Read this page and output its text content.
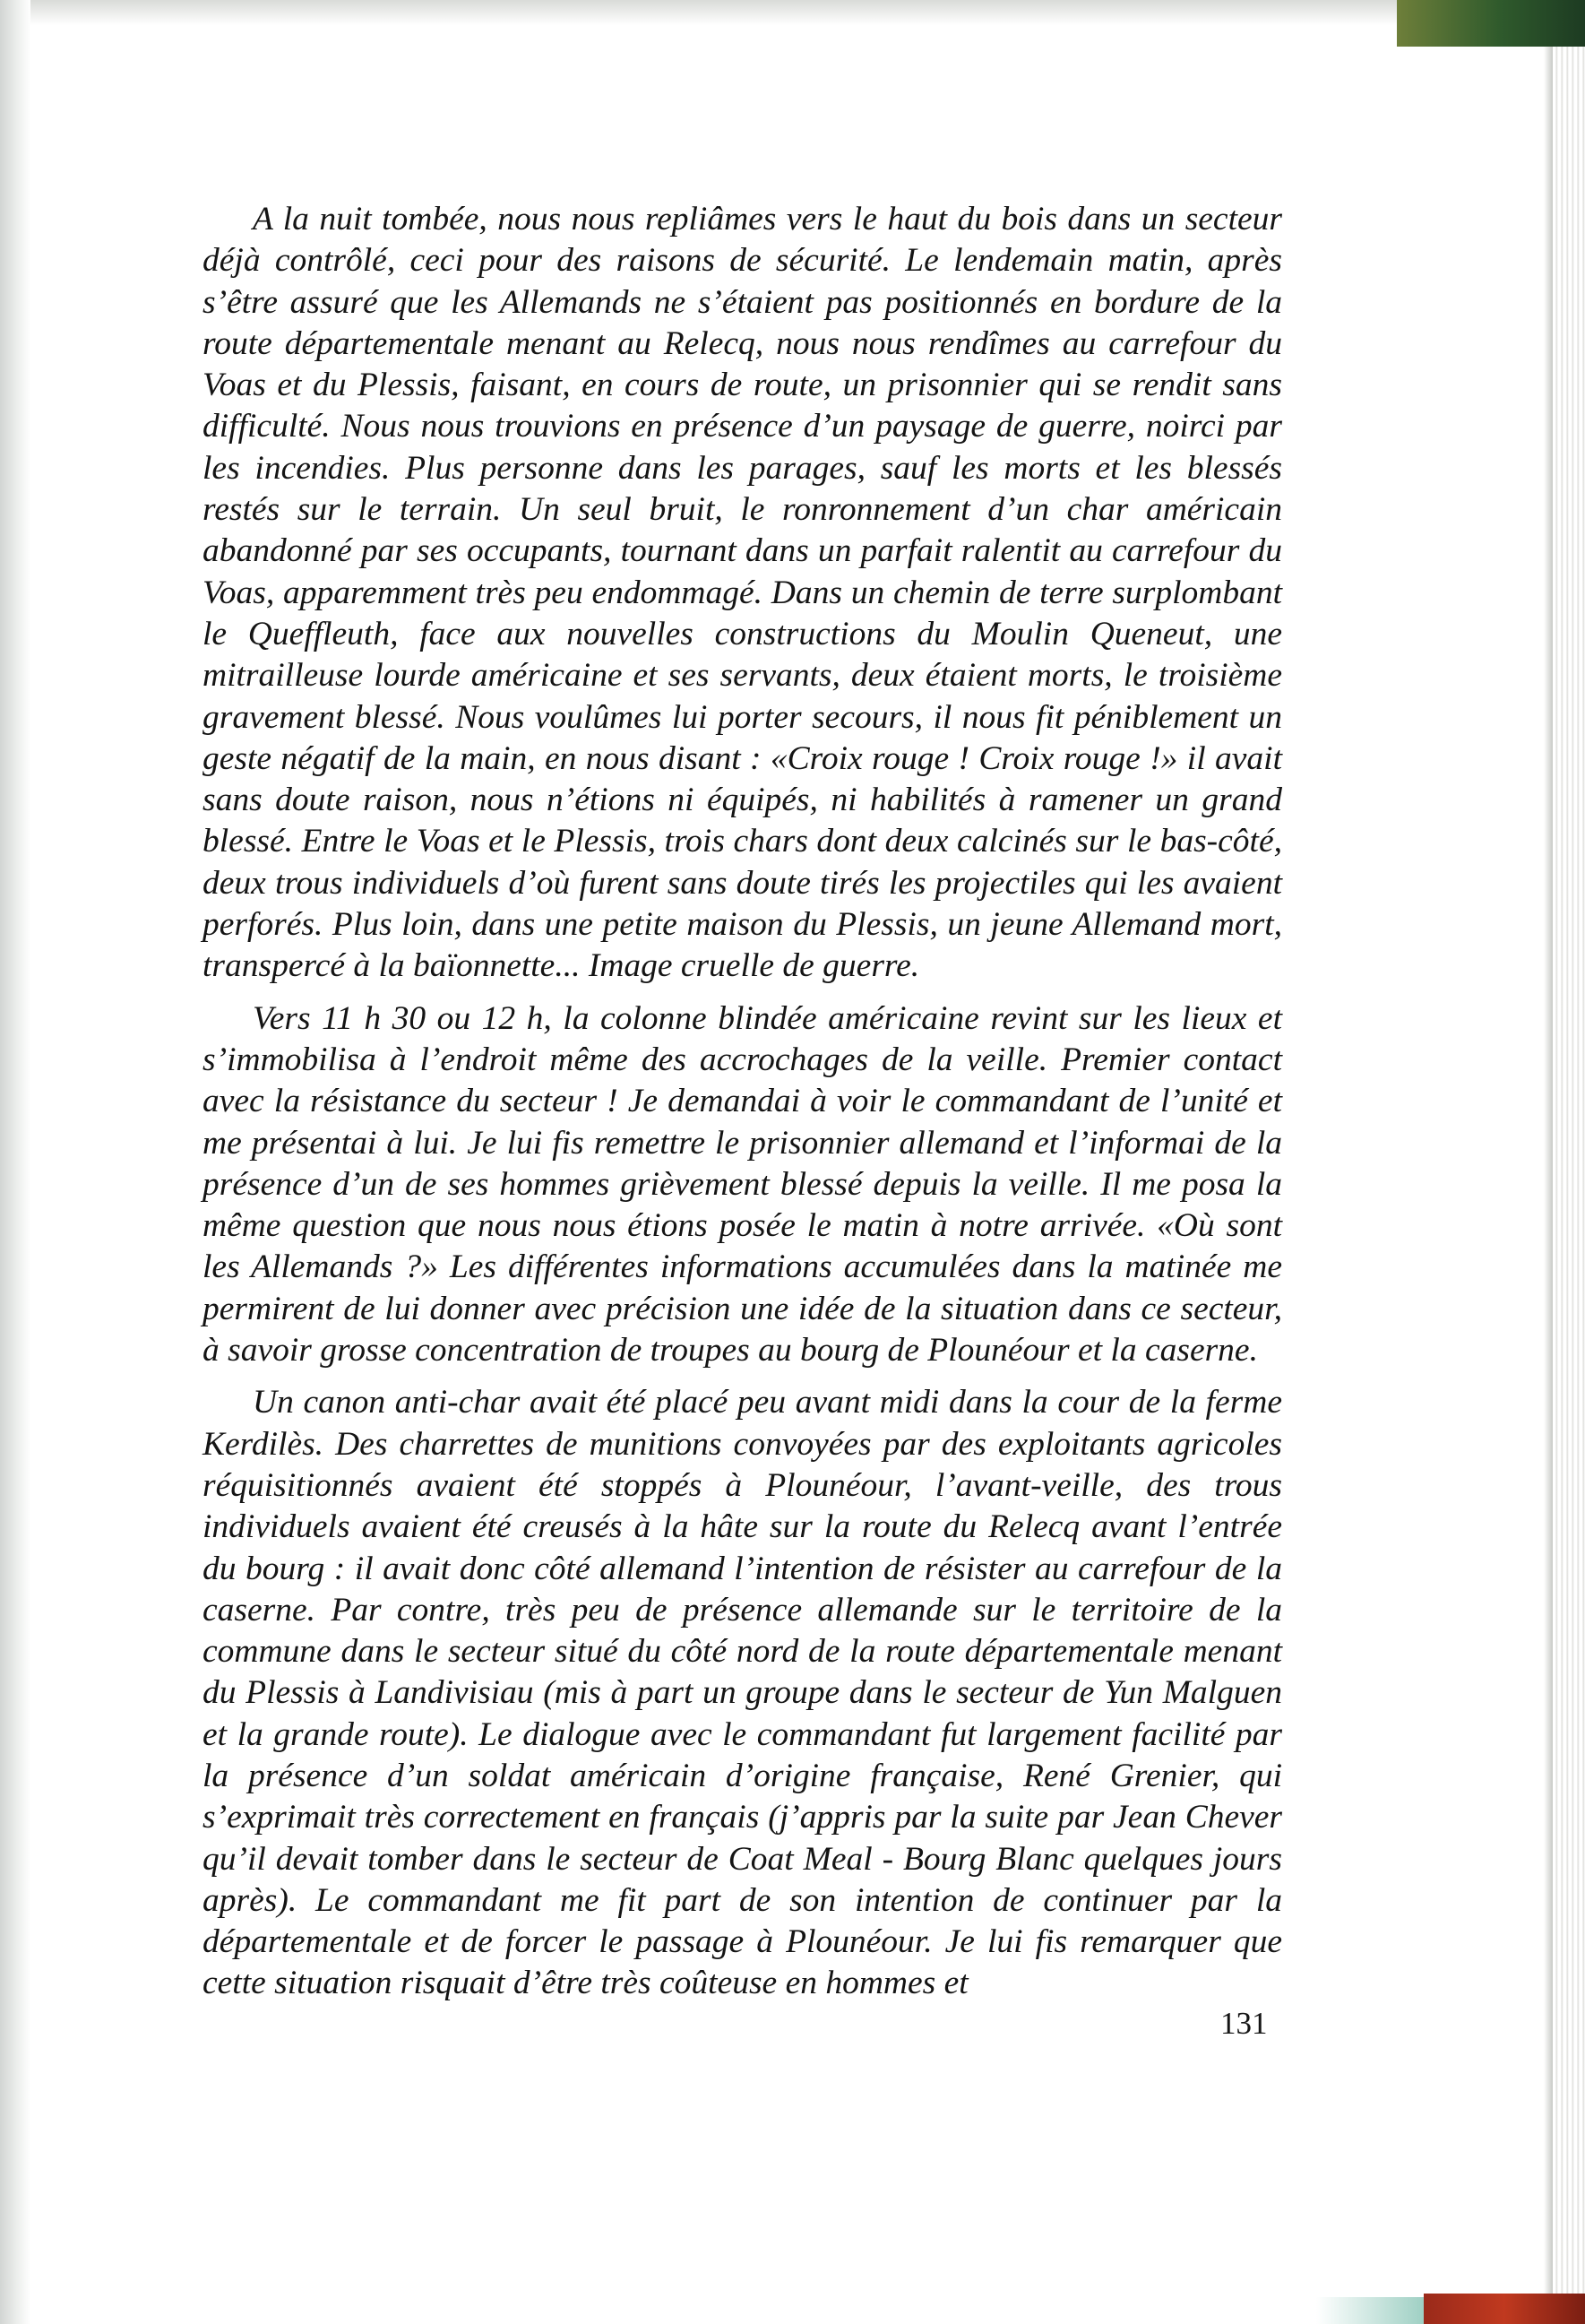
A la nuit tombée, nous nous repliâmes vers le haut du bois dans un secteur déjà contrôlé, ceci pour des raisons de sécurité. Le lendemain matin, après s’être assuré que les Allemands ne s’étaient pas positionnés en bordure de la route départementale menant au Relecq, nous nous rendîmes au carrefour du Voas et du Plessis, faisant, en cours de route, un prisonnier qui se rendit sans difficulté. Nous nous trouvions en présence d’un paysage de guerre, noirci par les incendies. Plus personne dans les parages, sauf les morts et les blessés restés sur le terrain. Un seul bruit, le ronronnement d’un char américain abandonné par ses occupants, tournant dans un parfait ralentit au carrefour du Voas, apparemment très peu endommagé. Dans un chemin de terre surplombant le Queffleuth, face aux nouvelles constructions du Moulin Queneut, une mitrailleuse lourde américaine et ses servants, deux étaient morts, le troisième gravement blessé. Nous voulûmes lui porter secours, il nous fit péniblement un geste négatif de la main, en nous disant : «Croix rouge ! Croix rouge !» il avait sans doute raison, nous n’étions ni équipés, ni habilités à ramener un grand blessé. Entre le Voas et le Plessis, trois chars dont deux calcinés sur le bas-côté, deux trous individuels d’où furent sans doute tirés les projectiles qui les avaient perforés. Plus loin, dans une petite maison du Plessis, un jeune Allemand mort, transpercé à la baïonnette... Image cruelle de guerre.

Vers 11 h 30 ou 12 h, la colonne blindée américaine revint sur les lieux et s’immobilisa à l’endroit même des accrochages de la veille. Premier contact avec la résistance du secteur ! Je demandai à voir le commandant de l’unité et me présentai à lui. Je lui fis remettre le prisonnier allemand et l’informai de la présence d’un de ses hommes grièvement blessé depuis la veille. Il me posa la même question que nous nous étions posée le matin à notre arrivée. «Où sont les Allemands ?» Les différentes informations accumulées dans la matinée me permirent de lui donner avec précision une idée de la situation dans ce secteur, à savoir grosse concentration de troupes au bourg de Plounéour et la caserne.

Un canon anti-char avait été placé peu avant midi dans la cour de la ferme Kerdilès. Des charrettes de munitions convoyées par des exploitants agricoles réquisitionnés avaient été stoppés à Plounéour, l’avant-veille, des trous individuels avaient été creusés à la hâte sur la route du Relecq avant l’entrée du bourg : il avait donc côté allemand l’intention de résister au carrefour de la caserne. Par contre, très peu de présence allemande sur le territoire de la commune dans le secteur situé du côté nord de la route départementale menant du Plessis à Landivisiau (mis à part un groupe dans le secteur de Yun Malguen et la grande route). Le dialogue avec le commandant fut largement facilité par la présence d’un soldat américain d’origine française, René Grenier, qui s’exprimait très correctement en français (j’appris par la suite par Jean Chever qu’il devait tomber dans le secteur de Coat Meal - Bourg Blanc quelques jours après). Le commandant me fit part de son intention de continuer par la départementale et de forcer le passage à Plounéour. Je lui fis remarquer que cette situation risquait d’être très coûteuse en hommes et

131
